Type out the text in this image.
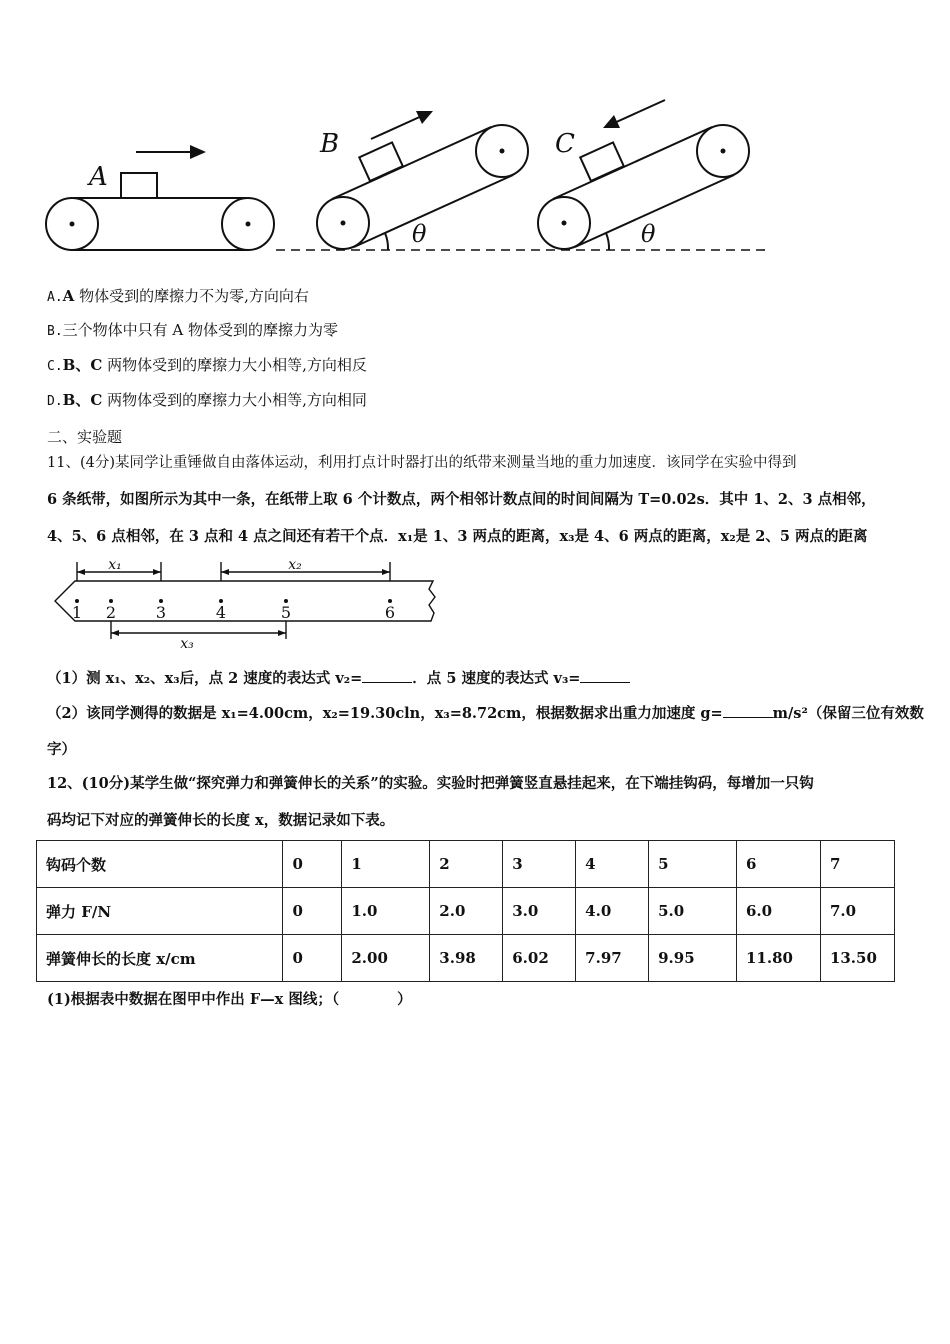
A
B	C
θ	θ
A.A 物体受到的摩擦力不为零,方向向右
B.三个物体中只有 A 物体受到的摩擦力为零
C.B、C 两物体受到的摩擦力大小相等,方向相反
D.B、C 两物体受到的摩擦力大小相等,方向相同
二、实验题
11、(4分)某同学让重锤做自由落体运动，利用打点计时器打出的纸带来测量当地的重力加速度．该同学在实验中得到
6 条纸带，如图所示为其中一条，在纸带上取 6 个计数点，两个相邻计数点间的时间间隔为 T=0.02s．其中 1、2、3 点相邻，
4、5、6 点相邻，在 3 点和 4 点之间还有若干个点．x₁是 1、3 两点的距离，x₃是 4、6 两点的距离，x₂是 2、5 两点的距离
x₁	x₂
x₃
1 2 3	4	5	6
（1）测 x₁、x₂、x₃后，点 2 速度的表达式 v₂=	．点 5 速度的表达式 v₃=
（2）该同学测得的数据是 x₁=4.00cm，x₂=19.30cln，x₃=8.72cm，根据数据求出重力加速度 g=	m/s²（保留三位有效数
字）
12、(10分)某学生做“探究弹力和弹簧伸长的关系”的实验。实验时把弹簧竖直悬挂起来，在下端挂钩码，每增加一只钩
码均记下对应的弹簧伸长的长度 x，数据记录如下表。
钩码个数	0	1	2	3	4	5	6	7
弹力 F/N	0	1.0	2.0	3.0	4.0	5.0	6.0	7.0
弹簧伸长的长度 x/cm	0	2.00	3.98	6.02	7.97	9.95	11.80	13.50
(1)根据表中数据在图甲中作出 F—x 图线；（　　　　）
